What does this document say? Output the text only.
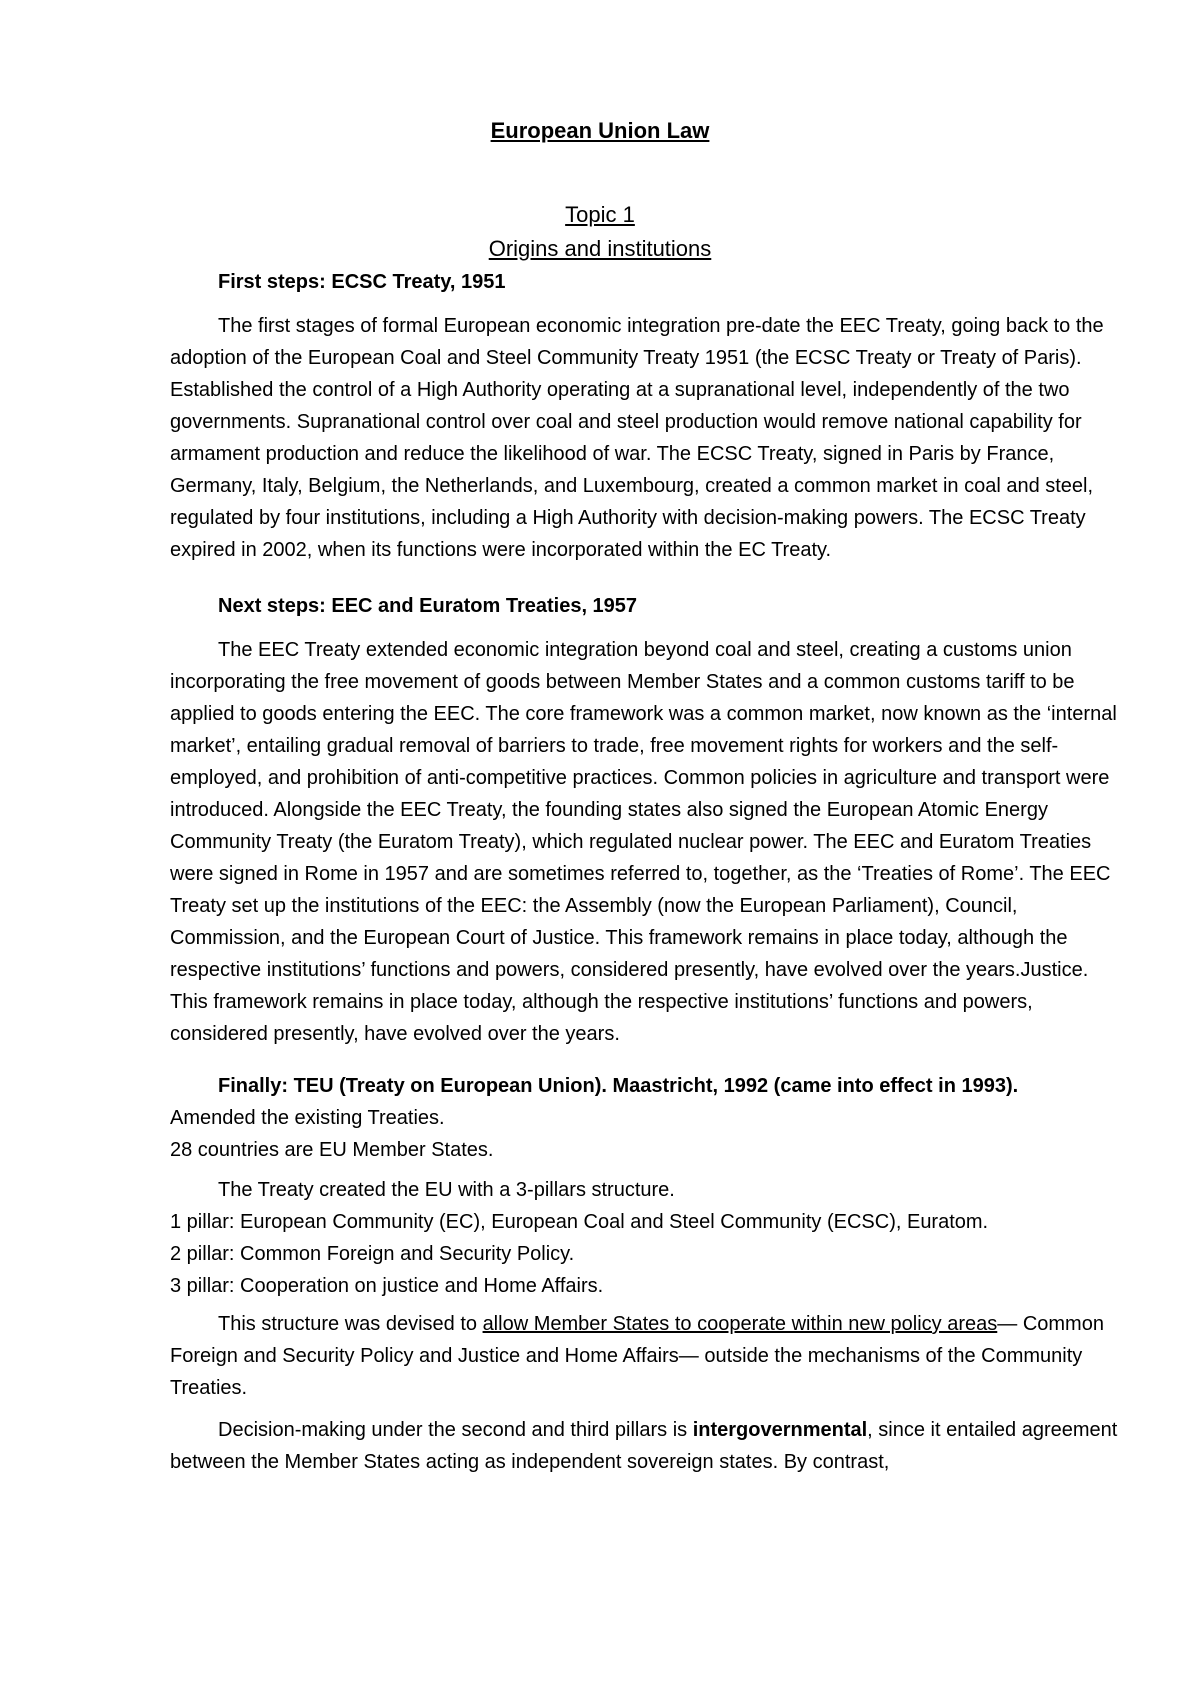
European Union Law
Topic 1
Origins and institutions
First steps: ECSC Treaty, 1951

The first stages of formal European economic integration pre-date the EEC Treaty, going back to the adoption of the European Coal and Steel Community Treaty 1951 (the ECSC Treaty or Treaty of Paris). Established the control of a High Authority operating at a supranational level, independently of the two governments. Supranational control over coal and steel production would remove national capability for armament production and reduce the likelihood of war. The ECSC Treaty, signed in Paris by France, Germany, Italy, Belgium, the Netherlands, and Luxembourg, created a common market in coal and steel, regulated by four institutions, including a High Authority with decision-making powers. The ECSC Treaty expired in 2002, when its functions were incorporated within the EC Treaty.

Next steps: EEC and Euratom Treaties, 1957

The EEC Treaty extended economic integration beyond coal and steel, creating a customs union incorporating the free movement of goods between Member States and a common customs tariff to be applied to goods entering the EEC. The core framework was a common market, now known as the ‘internal market’, entailing gradual removal of barriers to trade, free movement rights for workers and the self-employed, and prohibition of anti-competitive practices. Common policies in agriculture and transport were introduced. Alongside the EEC Treaty, the founding states also signed the European Atomic Energy Community Treaty (the Euratom Treaty), which regulated nuclear power. The EEC and Euratom Treaties were signed in Rome in 1957 and are sometimes referred to, together, as the ‘Treaties of Rome’. The EEC Treaty set up the institutions of the EEC: the Assembly (now the European Parliament), Council, Commission, and the European Court of Justice. This framework remains in place today, although the respective institutions’ functions and powers, considered presently, have evolved over the years.Justice. This framework remains in place today, although the respective institutions’ functions and powers, considered presently, have evolved over the years.

Finally: TEU (Treaty on European Union). Maastricht, 1992 (came into effect in 1993).
Amended the existing Treaties.
28 countries are EU Member States.
The Treaty created the EU with a 3-pillars structure.
1 pillar: European Community (EC), European Coal and Steel Community (ECSC), Euratom.
2 pillar: Common Foreign and Security Policy.
3 pillar: Cooperation on justice and Home Affairs.

This structure was devised to allow Member States to cooperate within new policy areas— Common Foreign and Security Policy and Justice and Home Affairs— outside the mechanisms of the Community Treaties.

Decision-making under the second and third pillars is intergovernmental, since it entailed agreement between the Member States acting as independent sovereign states. By contrast,
